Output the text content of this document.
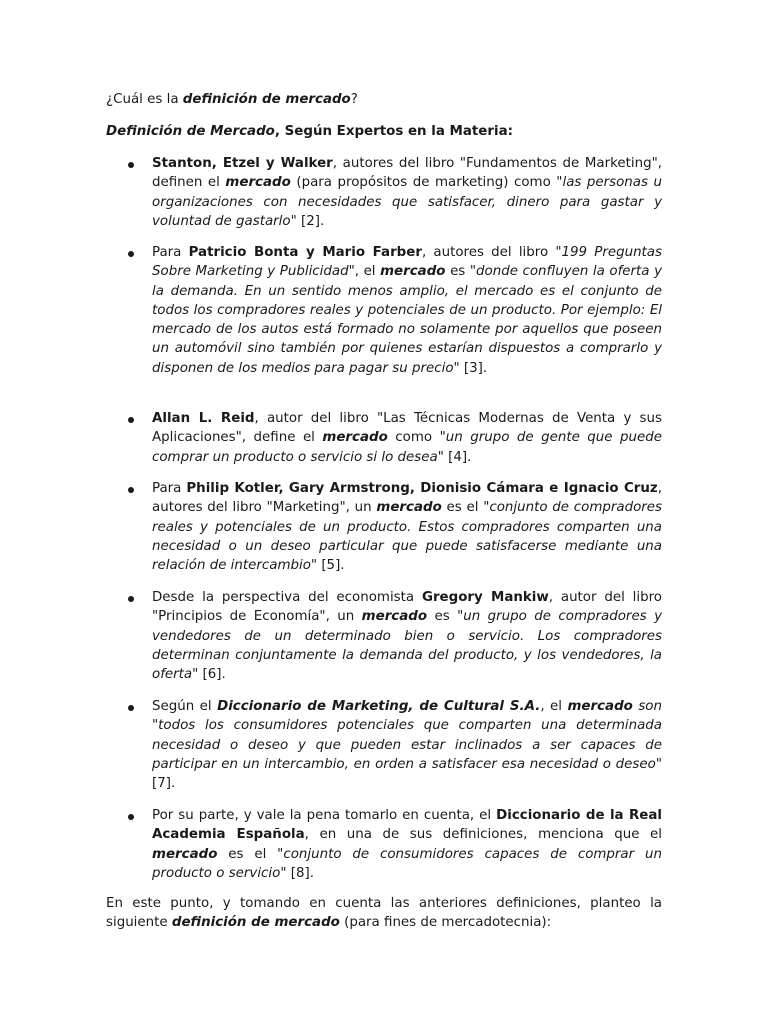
¿Cuál es la definición de mercado?

Definición de Mercado, Según Expertos en la Materia:

Stanton, Etzel y Walker, autores del libro "Fundamentos de Marketing", definen el mercado (para propósitos de marketing) como "las personas u organizaciones con necesidades que satisfacer, dinero para gastar y voluntad de gastarlo" [2].
Para Patricio Bonta y Mario Farber, autores del libro "199 Preguntas Sobre Marketing y Publicidad", el mercado es "donde confluyen la oferta y la demanda. En un sentido menos amplio, el mercado es el conjunto de todos los compradores reales y potenciales de un producto. Por ejemplo: El mercado de los autos está formado no solamente por aquellos que poseen un automóvil sino también por quienes estarían dispuestos a comprarlo y disponen de los medios para pagar su precio" [3].
Allan L. Reid, autor del libro "Las Técnicas Modernas de Venta y sus Aplicaciones", define el mercado como "un grupo de gente que puede comprar un producto o servicio si lo desea" [4].
Para Philip Kotler, Gary Armstrong, Dionisio Cámara e Ignacio Cruz, autores del libro "Marketing", un mercado es el "conjunto de compradores reales y potenciales de un producto. Estos compradores comparten una necesidad o un deseo particular que puede satisfacerse mediante una relación de intercambio" [5].
Desde la perspectiva del economista Gregory Mankiw, autor del libro "Principios de Economía", un mercado es "un grupo de compradores y vendedores de un determinado bien o servicio. Los compradores determinan conjuntamente la demanda del producto, y los vendedores, la oferta" [6].
Según el Diccionario de Marketing, de Cultural S.A., el mercado son "todos los consumidores potenciales que comparten una determinada necesidad o deseo y que pueden estar inclinados a ser capaces de participar en un intercambio, en orden a satisfacer esa necesidad o deseo" [7].
Por su parte, y vale la pena tomarlo en cuenta, el Diccionario de la Real Academia Española, en una de sus definiciones, menciona que el mercado es el "conjunto de consumidores capaces de comprar un producto o servicio" [8].

En este punto, y tomando en cuenta las anteriores definiciones, planteo la siguiente definición de mercado (para fines de mercadotecnia):
